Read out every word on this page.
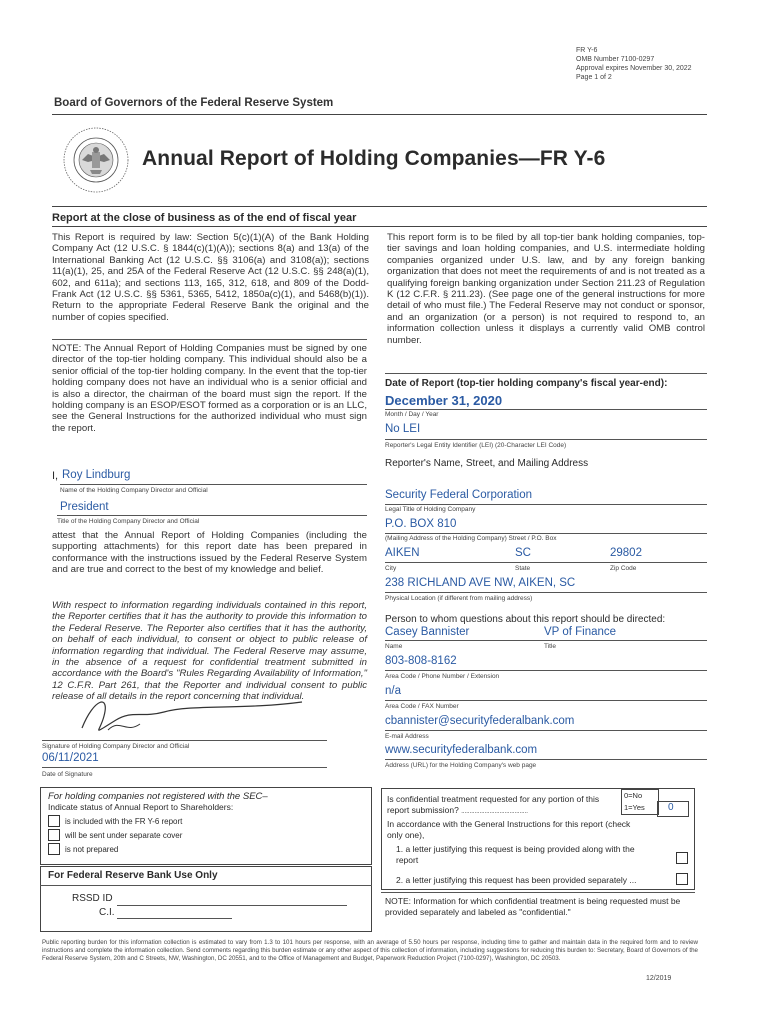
FR Y-6
OMB Number 7100-0297
Approval expires November 30, 2022
Page 1 of 2
Board of Governors of the Federal Reserve System
Annual Report of Holding Companies—FR Y-6
Report at the close of business as of the end of fiscal year
This Report is required by law: Section 5(c)(1)(A) of the Bank Holding Company Act (12 U.S.C. § 1844(c)(1)(A)); sections 8(a) and 13(a) of the International Banking Act (12 U.S.C. §§ 3106(a) and 3108(a)); sections 11(a)(1), 25, and 25A of the Federal Reserve Act (12 U.S.C. §§ 248(a)(1), 602, and 611a); and sections 113, 165, 312, 618, and 809 of the Dodd-Frank Act (12 U.S.C. §§ 5361, 5365, 5412, 1850a(c)(1), and 5468(b)(1)). Return to the appropriate Federal Reserve Bank the original and the number of copies specified.
This report form is to be filed by all top-tier bank holding companies, top-tier savings and loan holding companies, and U.S. intermediate holding companies organized under U.S. law, and by any foreign banking organization that does not meet the requirements of and is not treated as a qualifying foreign banking organization under Section 211.23 of Regulation K (12 C.F.R. § 211.23). (See page one of the general instructions for more detail of who must file.) The Federal Reserve may not conduct or sponsor, and an organization (or a person) is not required to respond to, an information collection unless it displays a currently valid OMB control number.
NOTE: The Annual Report of Holding Companies must be signed by one director of the top-tier holding company. This individual should also be a senior official of the top-tier holding company. In the event that the top-tier holding company does not have an individual who is a senior official and is also a director, the chairman of the board must sign the report. If the holding company is an ESOP/ESOT formed as a corporation or is an LLC, see the General Instructions for the authorized individual who must sign the report.
I, Roy Lindburg
Name of the Holding Company Director and Official
President
Title of the Holding Company Director and Official
attest that the Annual Report of Holding Companies (including the supporting attachments) for this report date has been prepared in conformance with the instructions issued by the Federal Reserve System and are true and correct to the best of my knowledge and belief.
With respect to information regarding individuals contained in this report, the Reporter certifies that it has the authority to provide this information to the Federal Reserve. The Reporter also certifies that it has the authority, on behalf of each individual, to consent or object to public release of information regarding that individual. The Federal Reserve may assume, in the absence of a request for confidential treatment submitted in accordance with the Board's "Rules Regarding Availability of Information," 12 C.F.R. Part 261, that the Reporter and individual consent to public release of all details in the report concerning that individual.
Signature of Holding Company Director and Official
06/11/2021
Date of Signature
For holding companies not registered with the SEC–
Indicate status of Annual Report to Shareholders:
is included with the FR Y-6 report
will be sent under separate cover
is not prepared
For Federal Reserve Bank Use Only
RSSD ID
C.I.
Date of Report (top-tier holding company's fiscal year-end):
December 31, 2020
Month / Day / Year
No LEI
Reporter's Legal Entity Identifier (LEI) (20-Character LEI Code)
Reporter's Name, Street, and Mailing Address
Security Federal Corporation
Legal Title of Holding Company
P.O. BOX 810
(Mailing Address of the Holding Company) Street / P.O. Box
AIKEN	SC	29802
City	State	Zip Code
238 RICHLAND AVE NW, AIKEN, SC
Physical Location (if different from mailing address)
Person to whom questions about this report should be directed:
Casey Bannister	VP of Finance
Name	Title
803-808-8162
Area Code / Phone Number / Extension
n/a
Area Code / FAX Number
cbannister@securityfederalbank.com
E-mail Address
www.securityfederalbank.com
Address (URL) for the Holding Company's web page
Is confidential treatment requested for any portion of this report submission? ........................................
0=No
1=Yes 0
In accordance with the General Instructions for this report (check only one),
1. a letter justifying this request is being provided along with the report
2. a letter justifying this request has been provided separately ...
NOTE: Information for which confidential treatment is being requested must be provided separately and labeled as "confidential."
Public reporting burden for this information collection is estimated to vary from 1.3 to 101 hours per response, with an average of 5.50 hours per response, including time to gather and maintain data in the required form and to review instructions and complete the information collection. Send comments regarding this burden estimate or any other aspect of this collection of information, including suggestions for reducing this burden to: Secretary, Board of Governors of the Federal Reserve System, 20th and C Streets, NW, Washington, DC 20551, and to the Office of Management and Budget, Paperwork Reduction Project (7100-0297), Washington, DC 20503.
12/2019
